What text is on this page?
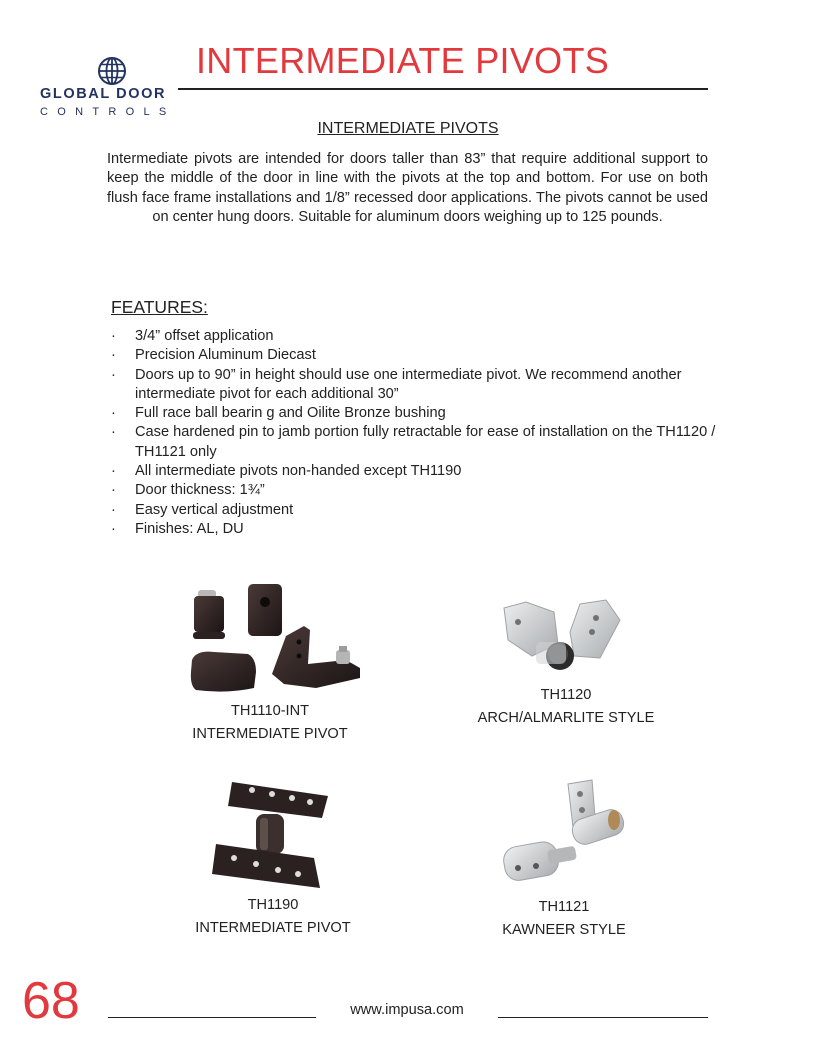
GLOBAL DOOR
CONTROLS
INTERMEDIATE PIVOTS
INTERMEDIATE PIVOTS
Intermediate pivots are intended for doors taller than 83” that require additional support to keep the middle of the door in line with the pivots at the top and bottom. For use on both flush face frame installations and 1/8” recessed door applications. The pivots cannot be used on center hung doors. Suitable for aluminum doors weighing up to 125 pounds.
FEATURES:
· 3/4” offset application
· Precision Aluminum Diecast
· Doors up to 90” in height should use one intermediate pivot. We recommend another intermediate pivot for each additional 30”
· Full race ball bearin g and Oilite Bronze bushing
· Case hardened pin to jamb portion fully retractable for ease of installation on the TH1120 / TH1121 only
· All intermediate pivots non-handed except TH1190
· Door thickness: 1¾”
· Easy vertical adjustment
· Finishes: AL, DU
TH1110-INT
INTERMEDIATE PIVOT
TH1120
ARCH/ALMARLITE STYLE
TH1190
INTERMEDIATE PIVOT
TH1121
KAWNEER STYLE
68	www.impusa.com
